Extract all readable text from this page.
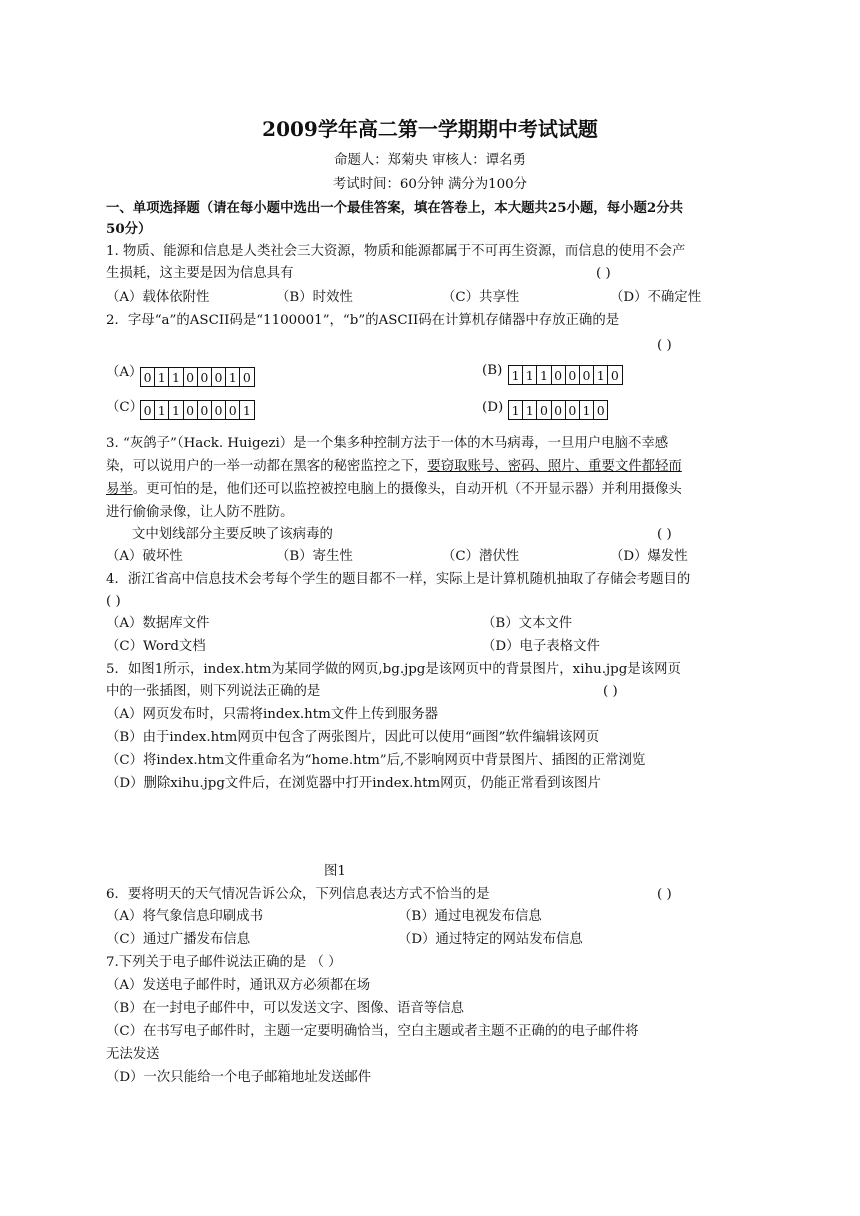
2009学年高二第一学期期中考试试题
命题人：郑菊央 审核人：谭名勇
考试时间：60分钟 满分为100分
一、单项选择题（请在每小题中选出一个最佳答案，填在答卷上，本大题共25小题，每小题2分共
50分）
1. 物质、能源和信息是人类社会三大资源，物质和能源都属于不可再生资源，而信息的使用不会产
生损耗，这主要是因为信息具有	( )
（A）载体依附性	（B）时效性	（C）共享性	（D）不确定性
2．字母“a”的ASCII码是“1100001”，“b”的ASCII码在计算机存储器中存放正确的是
( )
（A） 0 1 1 0 0 0 1 0	(B) 1 1 1 0 0 0 1 0
（C） 0 1 1 0 0 0 0 1	(D) 1 1 0 0 0 1 0
3. “灰鸽子”（Hack. Huigezi）是一个集多种控制方法于一体的木马病毒，一旦用户电脑不幸感
染，可以说用户的一举一动都在黑客的秘密监控之下，要窃取账号、密码、照片、重要文件都轻而
易举。更可怕的是，他们还可以监控被控电脑上的摄像头，自动开机（不开显示器）并利用摄像头
进行偷偷录像，让人防不胜防。
文中划线部分主要反映了该病毒的	( )
（A）破坏性	（B）寄生性	（C）潜伏性	（D）爆发性
4．浙江省高中信息技术会考每个学生的题目都不一样，实际上是计算机随机抽取了存储会考题目的
( )
（A）数据库文件	（B）文本文件
（C）Word文档	（D）电子表格文件
5．如图1所示，index.htm为某同学做的网页,bg.jpg是该网页中的背景图片，xihu.jpg是该网页
中的一张插图，则下列说法正确的是	( )
（A）网页发布时，只需将index.htm文件上传到服务器
（B）由于index.htm网页中包含了两张图片，因此可以使用“画图”软件编辑该网页
（C）将index.htm文件重命名为“home.htm”后,不影响网页中背景图片、插图的正常浏览
（D）删除xihu.jpg文件后，在浏览器中打开index.htm网页，仍能正常看到该图片
图1
6．要将明天的天气情况告诉公众，下列信息表达方式不恰当的是	( )
（A）将气象信息印刷成书	（B）通过电视发布信息
（C）通过广播发布信息	（D）通过特定的网站发布信息
7.下列关于电子邮件说法正确的是 （ ）
（A）发送电子邮件时，通讯双方必须都在场
（B）在一封电子邮件中，可以发送文字、图像、语音等信息
（C）在书写电子邮件时，主题一定要明确恰当，空白主题或者主题不正确的的电子邮件将
无法发送
（D）一次只能给一个电子邮箱地址发送邮件
